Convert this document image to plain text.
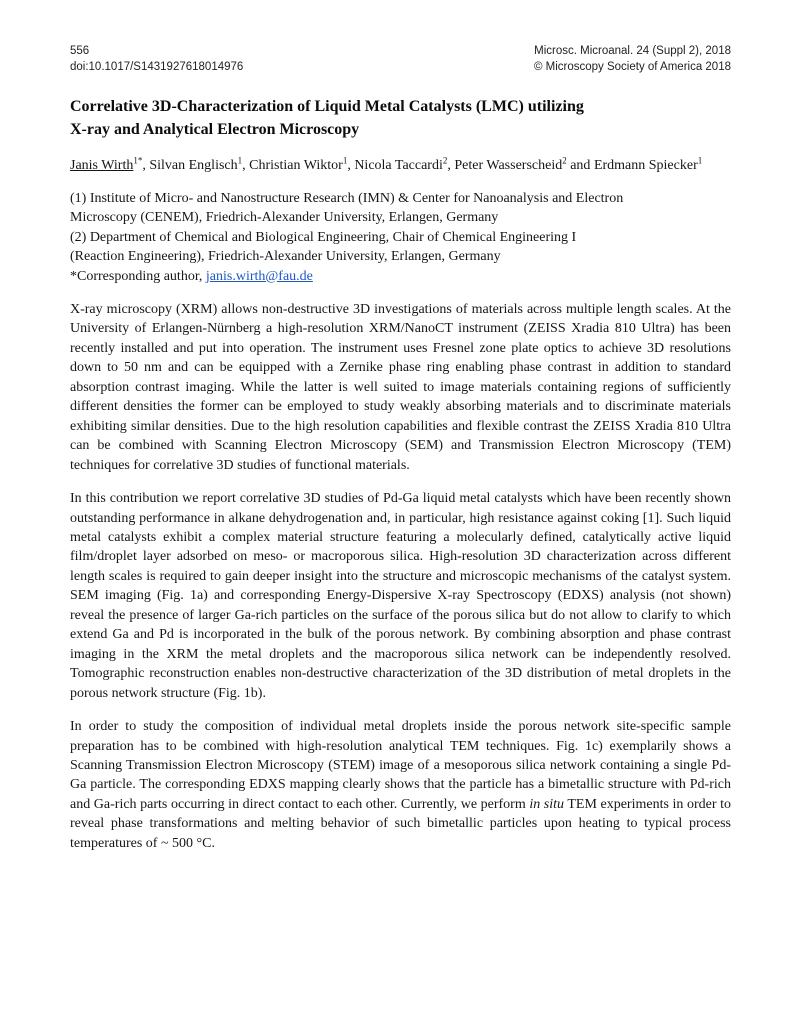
556
doi:10.1017/S1431927618014976
Microsc. Microanal. 24 (Suppl 2), 2018
© Microscopy Society of America 2018
Correlative 3D-Characterization of Liquid Metal Catalysts (LMC) utilizing
X-ray and Analytical Electron Microscopy
Janis Wirth$^{1*}$, Silvan Englisch$^1$, Christian Wiktor$^1$, Nicola Taccardi$^2$, Peter Wasserscheid$^2$ and Erdmann Spiecker$^1$
(1) Institute of Micro- and Nanostructure Research (IMN) & Center for Nanoanalysis and Electron
Microscopy (CENEM), Friedrich-Alexander University, Erlangen, Germany
(2) Department of Chemical and Biological Engineering, Chair of Chemical Engineering I
(Reaction Engineering), Friedrich-Alexander University, Erlangen, Germany
*Corresponding author, janis.wirth@fau.de

X-ray microscopy (XRM) allows non-destructive 3D investigations of materials across multiple length scales. At the University of Erlangen-Nürnberg a high-resolution XRM/NanoCT instrument (ZEISS Xradia 810 Ultra) has been recently installed and put into operation. The instrument uses Fresnel zone plate optics to achieve 3D resolutions down to 50 nm and can be equipped with a Zernike phase ring enabling phase contrast in addition to standard absorption contrast imaging. While the latter is well suited to image materials containing regions of sufficiently different densities the former can be employed to study weakly absorbing materials and to discriminate materials exhibiting similar densities. Due to the high resolution capabilities and flexible contrast the ZEISS Xradia 810 Ultra can be combined with Scanning Electron Microscopy (SEM) and Transmission Electron Microscopy (TEM) techniques for correlative 3D studies of functional materials.

In this contribution we report correlative 3D studies of Pd-Ga liquid metal catalysts which have been recently shown outstanding performance in alkane dehydrogenation and, in particular, high resistance against coking [1]. Such liquid metal catalysts exhibit a complex material structure featuring a molecularly defined, catalytically active liquid film/droplet layer adsorbed on meso- or macroporous silica. High-resolution 3D characterization across different length scales is required to gain deeper insight into the structure and microscopic mechanisms of the catalyst system. SEM imaging (Fig. 1a) and corresponding Energy-Dispersive X-ray Spectroscopy (EDXS) analysis (not shown) reveal the presence of larger Ga-rich particles on the surface of the porous silica but do not allow to clarify to which extend Ga and Pd is incorporated in the bulk of the porous network. By combining absorption and phase contrast imaging in the XRM the metal droplets and the macroporous silica network can be independently resolved. Tomographic reconstruction enables non-destructive characterization of the 3D distribution of metal droplets in the porous network structure (Fig. 1b).

In order to study the composition of individual metal droplets inside the porous network site-specific sample preparation has to be combined with high-resolution analytical TEM techniques. Fig. 1c) exemplarily shows a Scanning Transmission Electron Microscopy (STEM) image of a mesoporous silica network containing a single Pd-Ga particle. The corresponding EDXS mapping clearly shows that the particle has a bimetallic structure with Pd-rich and Ga-rich parts occurring in direct contact to each other. Currently, we perform in situ TEM experiments in order to reveal phase transformations and melting behavior of such bimetallic particles upon heating to typical process temperatures of ~ 500 °C.
